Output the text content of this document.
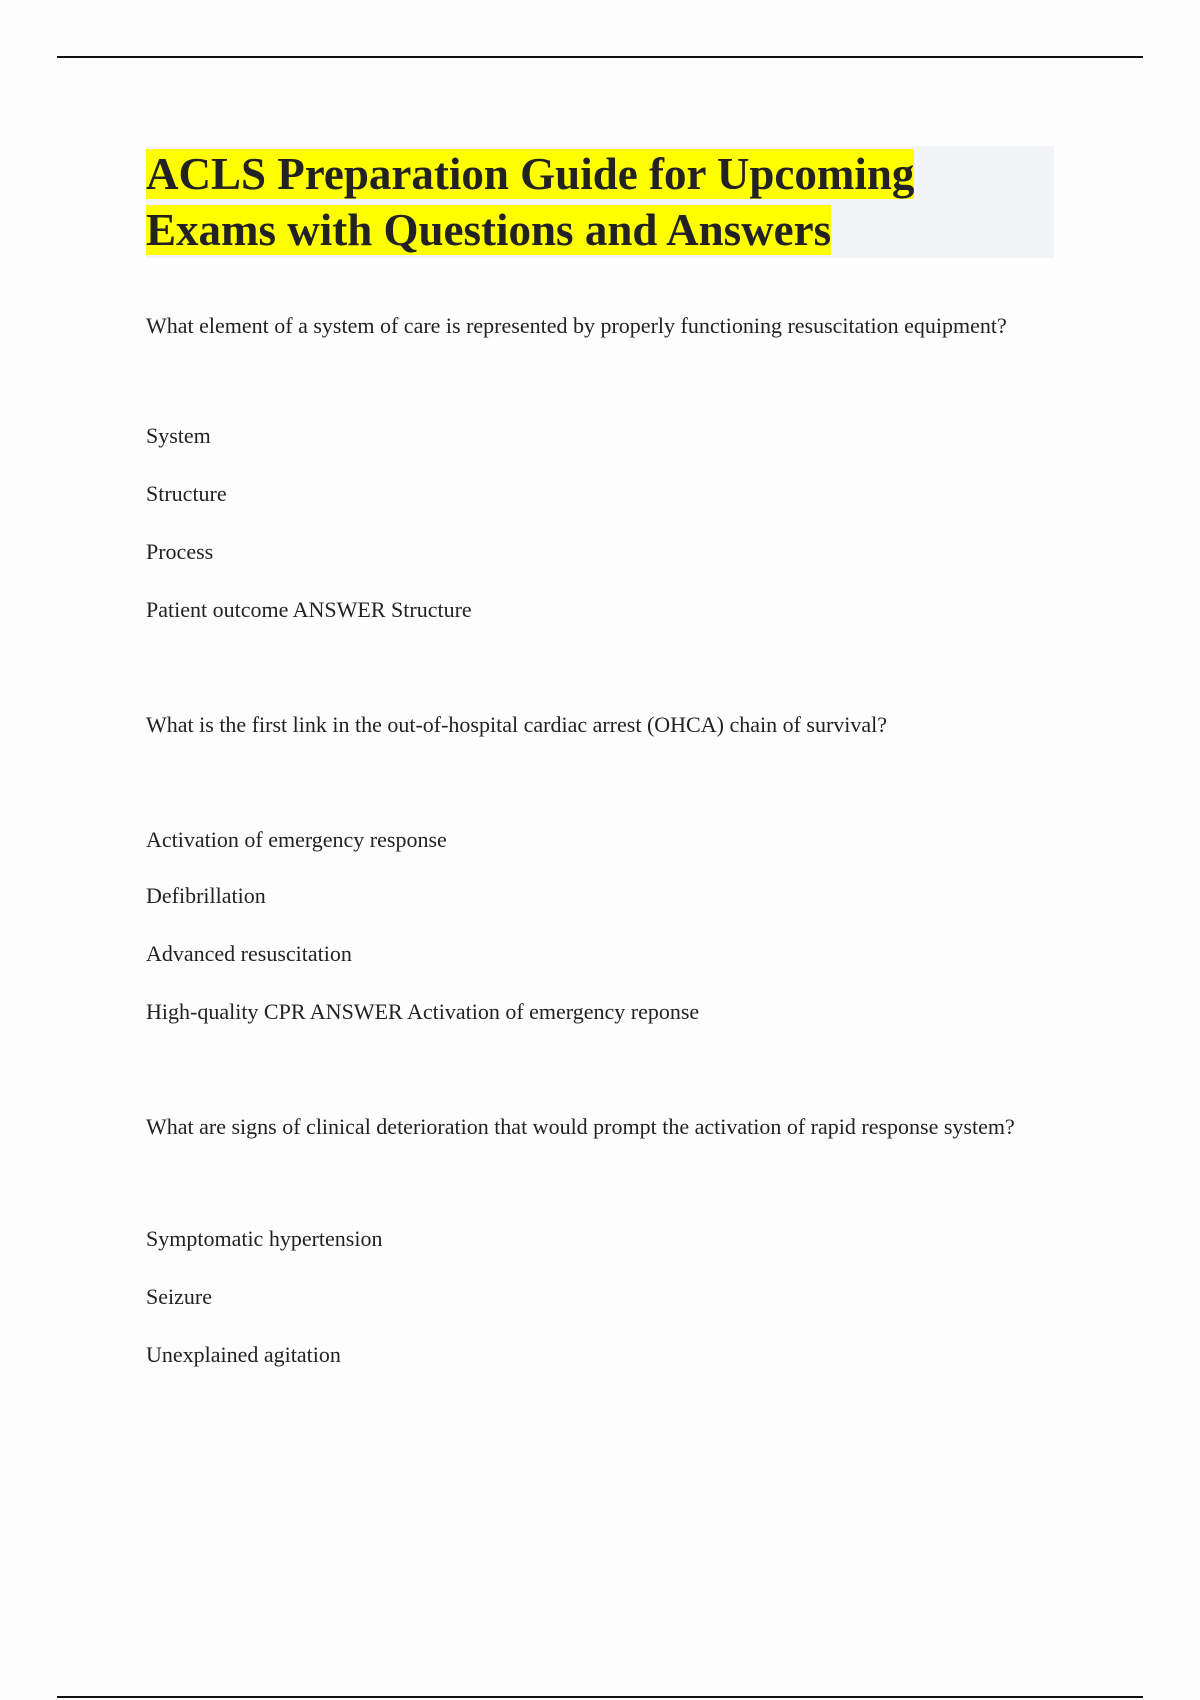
ACLS Preparation Guide for Upcoming
Exams with Questions and Answers

What element of a system of care is represented by properly functioning resuscitation equipment?

System

Structure

Process

Patient outcome ANSWER Structure

What is the first link in the out-of-hospital cardiac arrest (OHCA) chain of survival?

Activation of emergency response

Defibrillation

Advanced resuscitation

High-quality CPR ANSWER Activation of emergency reponse

What are signs of clinical deterioration that would prompt the activation of rapid response system?

Symptomatic hypertension

Seizure

Unexplained agitation
